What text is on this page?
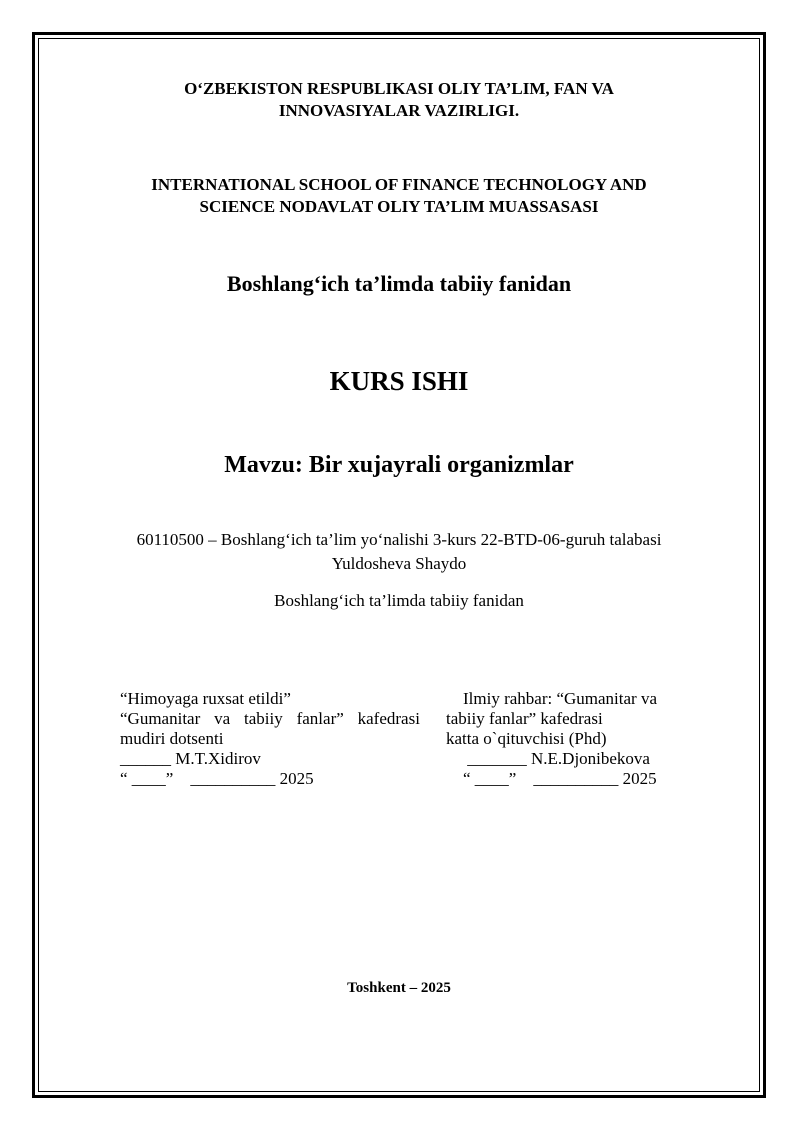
O‘ZBEKISTON RESPUBLIKASI OLIY TA’LIM, FAN VA
INNOVASIYALAR VAZIRLIGI.
INTERNATIONAL SCHOOL OF FINANCE TECHNOLOGY AND
SCIENCE NODAVLAT OLIY TA’LIM MUASSASASI
Boshlang‘ich ta’limda tabiiy fanidan
KURS ISHI
Mavzu: Bir xujayrali organizmlar
60110500 – Boshlang‘ich ta’lim yo‘nalishi 3-kurs 22-BTD-06-guruh talabasi
Yuldosheva Shaydo
Boshlang‘ich ta’limda tabiiy fanidan
“Himoyaga ruxsat etildi”
“Gumanitar va tabiiy fanlar” kafedrasi
mudiri dotsenti
______ M.T.Xidirov
“ ____”    __________ 2025
Ilmiy rahbar: “Gumanitar va
tabiiy fanlar” kafedrasi
katta o`qituvchisi (Phd)
_______ N.E.Djonibekova
“ ____”    __________ 2025
Toshkent – 2025
